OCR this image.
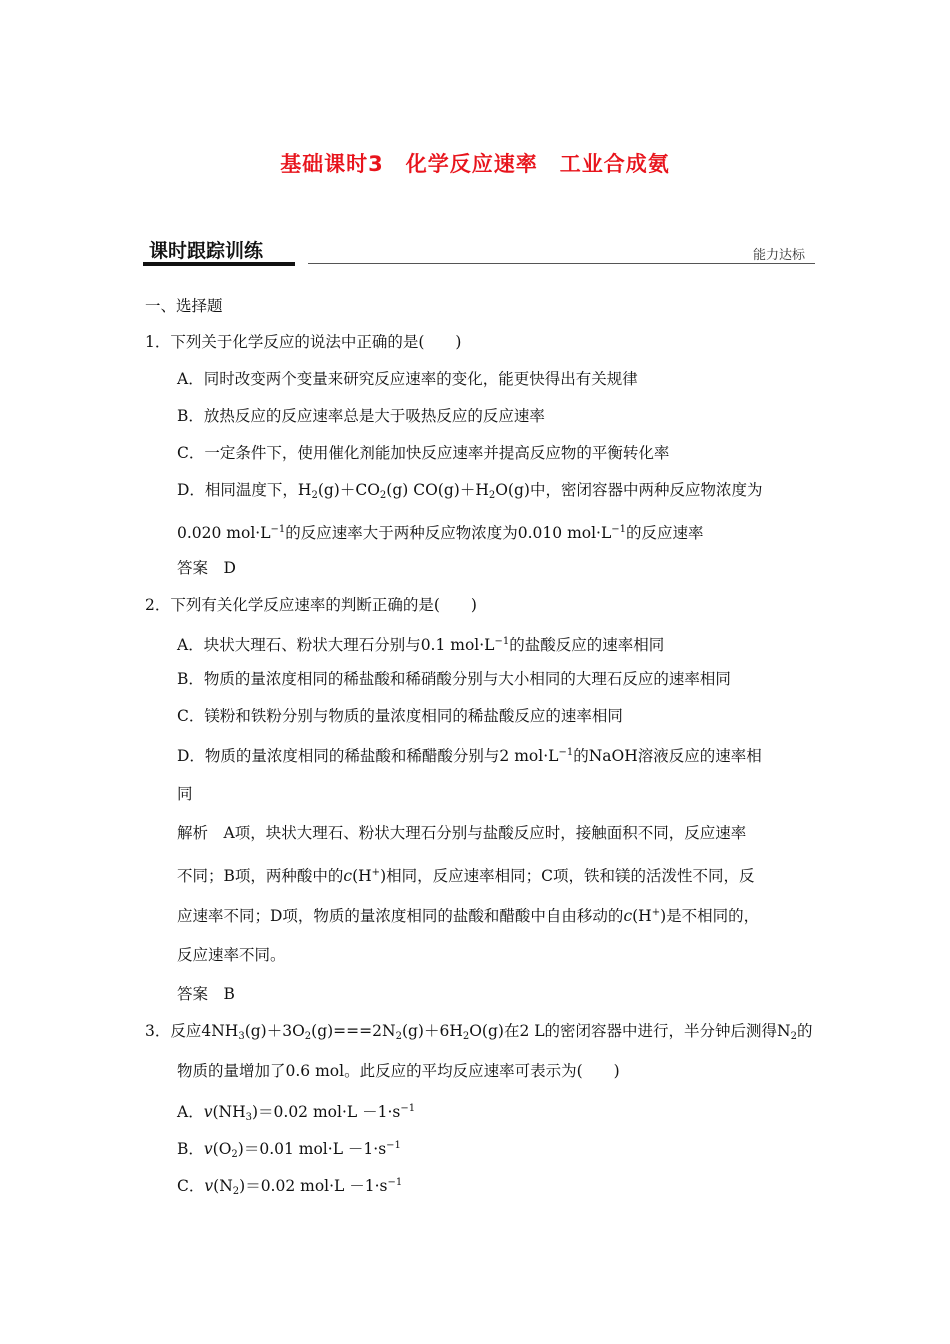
基础课时3　化学反应速率　工业合成氨
课时跟踪训练	能力达标
一、选择题
1．下列关于化学反应的说法中正确的是(　　)
A．同时改变两个变量来研究反应速率的变化，能更快得出有关规律
B．放热反应的反应速率总是大于吸热反应的反应速率
C．一定条件下，使用催化剂能加快反应速率并提高反应物的平衡转化率
D．相同温度下，$H_2(g)+CO_2(g)$ $CO(g)+H_2O(g)$中，密闭容器中两种反应物浓度为
0.020 $mol\cdot L^{-1}$的反应速率大于两种反应物浓度为0.010 $mol\cdot L^{-1}$的反应速率
答案　D
2．下列有关化学反应速率的判断正确的是(　　)
A．块状大理石、粉状大理石分别与0.1 $mol\cdot L^{-1}$的盐酸反应的速率相同
B．物质的量浓度相同的稀盐酸和稀硝酸分别与大小相同的大理石反应的速率相同
C．镁粉和铁粉分别与物质的量浓度相同的稀盐酸反应的速率相同
D．物质的量浓度相同的稀盐酸和稀醋酸分别与2 $mol\cdot L^{-1}$的NaOH溶液反应的速率相
同
解析　A项，块状大理石、粉状大理石分别与盐酸反应时，接触面积不同，反应速率
不同；B项，两种酸中的c(H+)相同，反应速率相同；C项，铁和镁的活泼性不同，反
应速率不同；D项，物质的量浓度相同的盐酸和醋酸中自由移动的c(H+)是不相同的，
反应速率不同。
答案　B
3．反应$4NH_3(g)+3O_2(g)===2N_2(g)+6H_2O(g)$在2 L的密闭容器中进行，半分钟后测得$N_2$的
物质的量增加了0.6 mol。此反应的平均反应速率可表示为(　　)
A．$v(NH_3)=0.02$ $mol\cdot L -1\cdot s^{-1}$
B．$v(O_2)=0.01$ $mol\cdot L -1\cdot s^{-1}$
C．$v(N_2)=0.02$ $mol\cdot L -1\cdot s^{-1}$
